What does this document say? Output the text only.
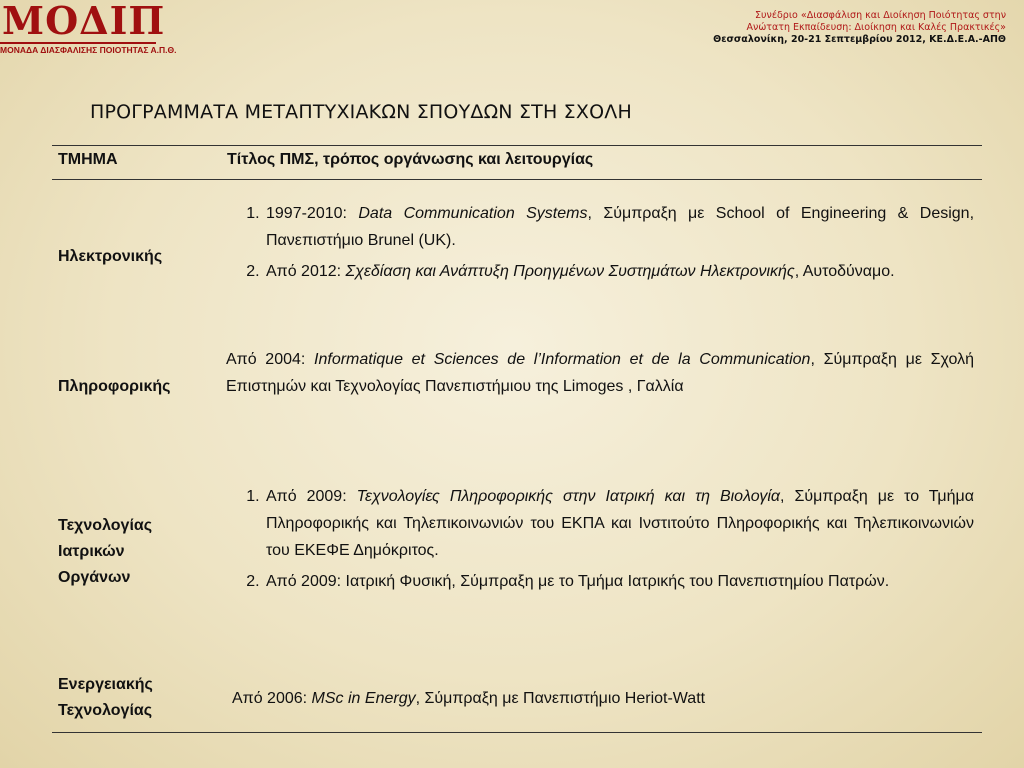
ΜΟΔΙΠ
ΜΟΝΑΔΑ ΔΙΑΣΦΑΛΙΣΗΣ ΠΟΙΟΤΗΤΑΣ Α.Π.Θ.
Συνέδριο «Διασφάλιση και Διοίκηση Ποιότητας στην
Ανώτατη Εκπαίδευση: Διοίκηση και Καλές Πρακτικές»
Θεσσαλονίκη, 20-21 Σεπτεμβρίου 2012, ΚΕ.Δ.Ε.Α.-ΑΠΘ
ΠΡΟΓΡΑΜΜΑΤΑ ΜΕΤΑΠΤΥΧΙΑΚΩΝ ΣΠΟΥΔΩΝ ΣΤΗ ΣΧΟΛΗ
ΤΜΗΜΑ	Τίτλος ΠΜΣ, τρόπος οργάνωσης και λειτουργίας
Ηλεκτρονικής
1. 1997-2010: Data Communication Systems, Σύμπραξη με School of Engineering & Design, Πανεπιστήμιο Brunel (UK).
2. Από 2012: Σχεδίαση και Ανάπτυξη Προηγμένων Συστημάτων Ηλεκτρονικής, Αυτοδύναμο.
Πληροφορικής

Από 2004: Informatique et Sciences de l’Information et de la Communication, Σύμπραξη με Σχολή Επιστημών και Τεχνολογίας Πανεπιστήμιου της Limoges , Γαλλία

Τεχνολογίας
Ιατρικών
Οργάνων
1. Από 2009: Τεχνολογίες Πληροφορικής στην Ιατρική και τη Βιολογία, Σύμπραξη με το Τμήμα Πληροφορικής και Τηλεπικοινωνιών του ΕΚΠΑ και Ινστιτούτο Πληροφορικής και Τηλεπικοινωνιών του ΕΚΕΦΕ Δημόκριτος.
2. Από 2009: Ιατρική Φυσική, Σύμπραξη με το Τμήμα Ιατρικής του Πανεπιστημίου Πατρών.
Ενεργειακής
Τεχνολογίας

Από 2006: MSc in Energy, Σύμπραξη με Πανεπιστήμιο Heriot-Watt
